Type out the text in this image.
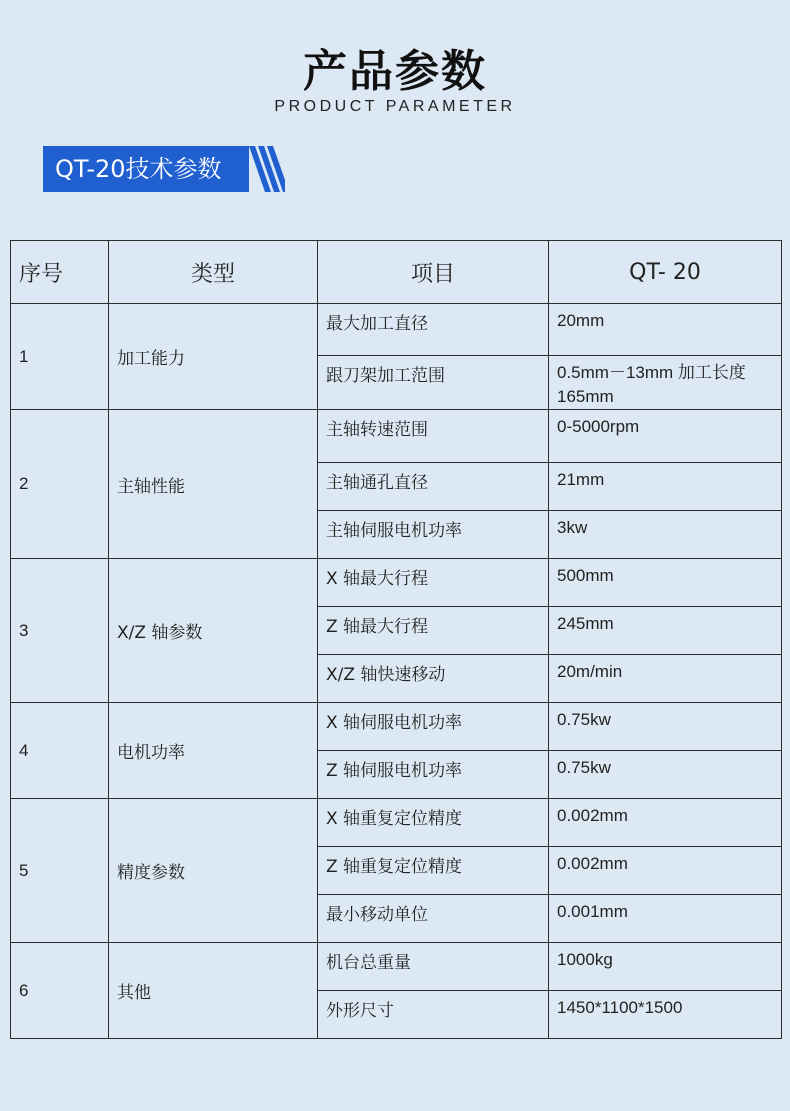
产品参数
PRODUCT PARAMETER
QT-20技术参数
序号	类型	项目	QT- 20
1	加工能力	最大加工直径	20mm
		跟刀架加工范围	0.5mm－13mm 加工长度165mm
2	主轴性能	主轴转速范围	0-5000rpm
		主轴通孔直径	21mm
		主轴伺服电机功率	3kw
3	X/Z 轴参数	X 轴最大行程	500mm
		Z 轴最大行程	245mm
		X/Z 轴快速移动	20m/min
4	电机功率	X 轴伺服电机功率	0.75kw
		Z 轴伺服电机功率	0.75kw
5	精度参数	X 轴重复定位精度	0.002mm
		Z 轴重复定位精度	0.002mm
		最小移动单位	0.001mm
6	其他	机台总重量	1000kg
		外形尺寸	1450*1100*1500
